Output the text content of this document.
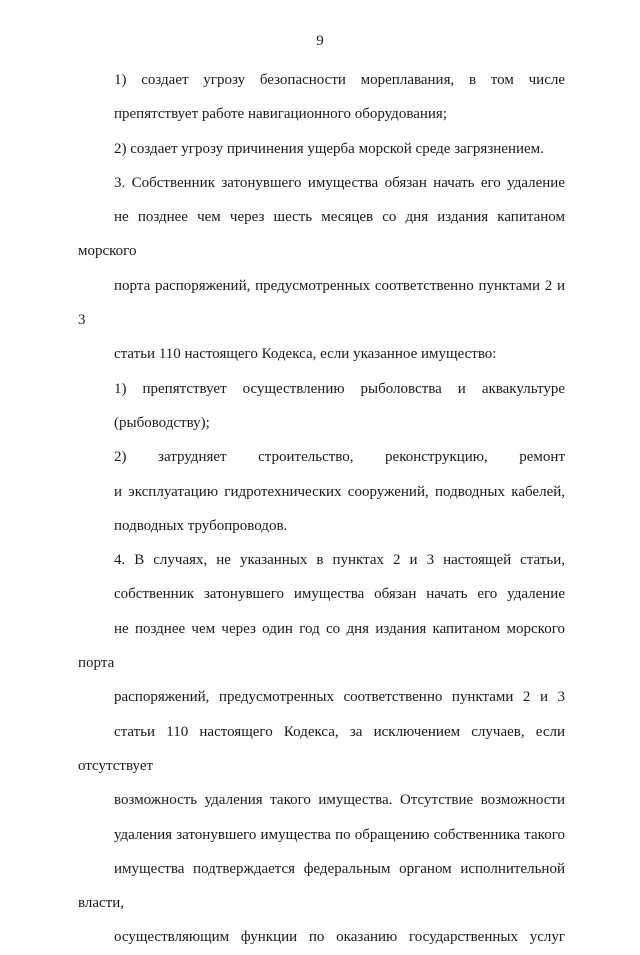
9

1) создает угрозу безопасности мореплавания, в том числе
препятствует работе навигационного оборудования;

2) создает угрозу причинения ущерба морской среде загрязнением.

3. Собственник затонувшего имущества обязан начать его удаление
не позднее чем через шесть месяцев со дня издания капитаном морского
порта распоряжений, предусмотренных соответственно пунктами 2 и 3
статьи 110 настоящего Кодекса, если указанное имущество:

1) препятствует осуществлению рыболовства и аквакультуре
(рыбоводству);

2) затрудняет строительство, реконструкцию, ремонт
и эксплуатацию гидротехнических сооружений, подводных кабелей,
подводных трубопроводов.

4. В случаях, не указанных в пунктах 2 и 3 настоящей статьи,
собственник затонувшего имущества обязан начать его удаление
не позднее чем через один год со дня издания капитаном морского порта
распоряжений, предусмотренных соответственно пунктами 2 и 3
статьи 110 настоящего Кодекса, за исключением случаев, если отсутствует
возможность удаления такого имущества. Отсутствие возможности
удаления затонувшего имущества по обращению собственника такого
имущества подтверждается федеральным органом исполнительной власти,
осуществляющим функции по оказанию государственных услуг
